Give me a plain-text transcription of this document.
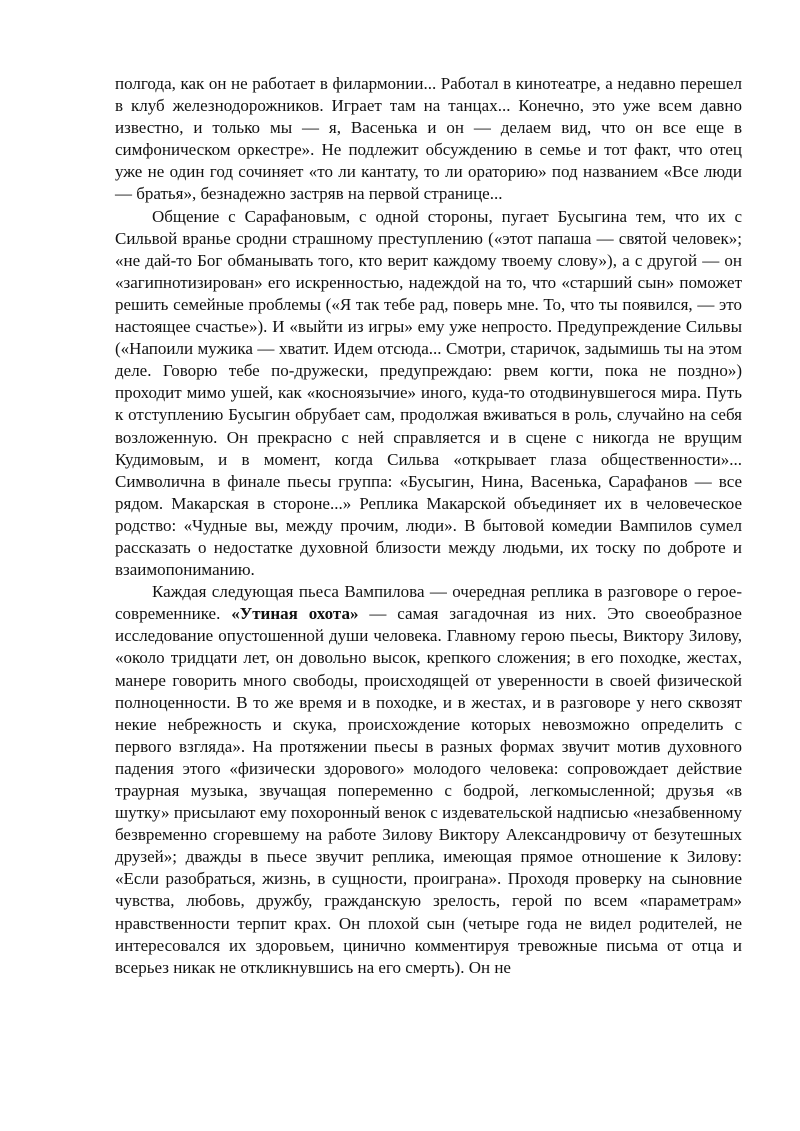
полгода, как он не работает в филармонии... Работал в кинотеатре, а недавно перешел в клуб железнодорожников. Играет там на танцах... Конечно, это уже всем давно известно, и только мы — я, Васенька и он — делаем вид, что он все еще в симфоническом оркестре». Не подлежит обсуждению в семье и тот факт, что отец уже не один год сочиняет «то ли кантату, то ли ораторию» под названием «Все люди — братья», безнадежно застряв на первой странице...

Общение с Сарафановым, с одной стороны, пугает Бусыгина тем, что их с Сильвой вранье сродни страшному преступлению («этот папаша — святой человек»; «не дай-то Бог обманывать того, кто верит каждому твоему слову»), а с другой — он «загипнотизирован» его искренностью, надеждой на то, что «старший сын» поможет решить семейные проблемы («Я так тебе рад, поверь мне. То, что ты появился, — это настоящее счастье»). И «выйти из игры» ему уже непросто. Предупреждение Сильвы («Напоили мужика — хватит. Идем отсюда... Смотри, старичок, задымишь ты на этом деле. Говорю тебе по-дружески, предупреждаю: рвем когти, пока не поздно») проходит мимо ушей, как «косноязычие» иного, куда-то отодвинувшегося мира. Путь к отступлению Бусыгин обрубает сам, продолжая вживаться в роль, случайно на себя возложенную. Он прекрасно с ней справляется и в сцене с никогда не врущим Кудимовым, и в момент, когда Сильва «открывает глаза общественности»... Символична в финале пьесы группа: «Бусыгин, Нина, Васенька, Сарафанов — все рядом. Макарская в стороне...» Реплика Макарской объединяет их в человеческое родство: «Чудные вы, между прочим, люди». В бытовой комедии Вампилов сумел рассказать о недостатке духовной близости между людьми, их тоску по доброте и взаимопониманию.

Каждая следующая пьеса Вампилова — очередная реплика в разговоре о герое-современнике. «Утиная охота» — самая загадочная из них. Это своеобразное исследование опустошенной души человека. Главному герою пьесы, Виктору Зилову, «около тридцати лет, он довольно высок, крепкого сложения; в его походке, жестах, манере говорить много свободы, происходящей от уверенности в своей физической полноценности. В то же время и в походке, и в жестах, и в разговоре у него сквозят некие небрежность и скука, происхождение которых невозможно определить с первого взгляда». На протяжении пьесы в разных формах звучит мотив духовного падения этого «физически здорового» молодого человека: сопровождает действие траурная музыка, звучащая попеременно с бодрой, легкомысленной; друзья «в шутку» присылают ему похоронный венок с издевательской надписью «незабвенному безвременно сгоревшему на работе Зилову Виктору Александровичу от безутешных друзей»; дважды в пьесе звучит реплика, имеющая прямое отношение к Зилову: «Если разобраться, жизнь, в сущности, проиграна». Проходя проверку на сыновние чувства, любовь, дружбу, гражданскую зрелость, герой по всем «параметрам» нравственности терпит крах. Он плохой сын (четыре года не видел родителей, не интересовался их здоровьем, цинично комментируя тревожные письма от отца и всерьез никак не откликнувшись на его смерть). Он не
